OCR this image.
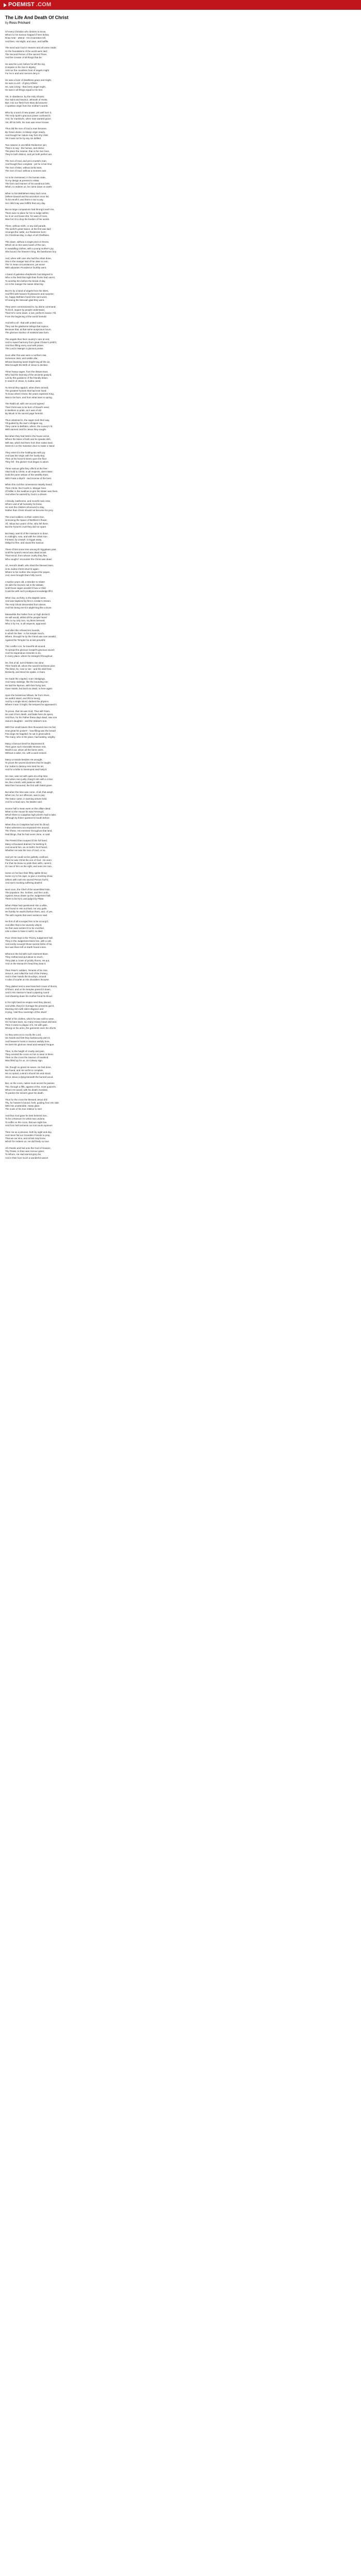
POEMIST .COM
The Life And Death Of Christ
by Ross Prichard
Of every Christian who desires to know,
Whom to his Saviour happed if here below,
Draw near - attend - His incarnation tell,
And then, His Might, and save, and bafflle.
The word was God in Heaven and all came made;
Or the foundations of the world were laid;
The Second Person of the sacred Three,
And the Creator of all things that be.
He was the Lord, before he left the sky,
Compare to his Son in dignity;
And nor the countless host of angels might
For he is and and mercies deny it.
He was a lover of deathless grace and might,
He was a Lord - of glory infinite;
He, was a king - that every angel might,
He was in all things equal to his Sire.
Yet, in obedience, by the Holy Ghosts;
Our Saint and Saviour, Jehovah of Hosts,
Bye, into our flesh from Mary did assume
A spotless virgin from her mother's womb.
Who by a word of new power, yet well born it,
The Holy Spirit's gracious power confused it;
And, for mankind's, when man wanted grace,
Yet, till his birth, his man was never known.
Thus did the Son of God a man became,
By Grace divine, to Manjo virgin nearly,
And though her nature may form thy child,
Yet it was not he by any sin defiled.
Two natures in one Bible Redeemer join;
That is to say - the human, and divine;
The place the manner, that is the Son here,
They're both distinct, and yet both perfect are.
The Son of God, and yet a mortal's man,
And though thus complete - yet he is but One;
The Son of Man, without sinful taint,
The Son of God, without a moment own.
As to be mentioned, in his human state,
To my design at present to relate;
The form and manner of his wondrous birth,
When, to redeem us, he came down on earth.
When to fair Bethlehem Mary had come,
(Where Dauvid and his ancestors once lie)
To be enroll'd, and there in tax to pay,
Her child may was fulfill'd that very day.
But as large companions had throng'd each Inn,
There was no place for her to lodge within;
So in an out-house she, for want of room,
Was forc'd to drop the burden of her womb.
There, without mirth, or any dull parade,
The world's great Savior, at the first was laid;
Amongst the cattle, our Redeemer born;
On Christmas-day, in days of all Chieftains.
This dawn, without a single pivot or throne,
Which sit on him were lavish of the sun,
In swaddling clothes, with a young mother's joy,
She bound, the heaven's king, the barebones boy.
And, when with care she had the infant done,
She in the manger laid of her dear so son;
The' in mean circumstances, yet arose
With advantes Providence fourthly went.
A band of guileless shepherds God deigned to
Who in the field that night their flocks had care'd,
To worship him before the break of day,
As in the manger the sweet infant lay.
But it's by a band of angels from the skies,
And fill'd with heaven fit pleasures and surprise;
So, happy Bethlem heard she sent word,
Of seeing the Messiah glad they went.
They were commissioned to, by divine command;
To be ill, inquire by people understand,
That He's come down, a lost, perfect's Savior, Fill,
From the beginning of the world foretold.
And tell to all - that with united voice,
They sat the gladsome tidings that rejoice;
Because that, at that same auspicious hours,
The glorious Saviour of mankind was born.
The angels then their country's care at rest,
And to sweet harmony from great Choise's yield'd,
And thus filling every soul with praise,
The Lord in Manger a glorious praise.
Soon after this was seen a northern star,
Someone clear, and visible afar,
Whose beaming lustre bright'ning all the air,
Was brought the Birth of Jesus to declare.
Three heavy sages, from the distant East,
Who had the learning of the ancients grasp'd,
Led by this guidance of the friendly beam,
In search of Jesus, to Judea came.
To Herod they apply'd, when there arrived,
The greatest Tyrants that had ever lived;
To know where Christ, the years expected King,
Was to be born, and from what town to spring.
The Rabbi all, with one accord agreed
That Christ was to be born of David's seed,
In Bethlem to pride, as it was of old
By Micah in his sacred page foretold.
Thus untiamed in, the sages took their way,
Till guided by the star's refulgent ray,
They came to Bethlem, where, the Luxury's lit,
With earnest zeal for Jesus they sought.
But when they had held in the house arrive,
Where the Mess of both and he speaks dish,
Will star, which led them from their native land,
Seem'd it on the manstion door to make a stand.
They enter'd to the holding-tan with joy;
And saw the Virgin with her lovely Boy;
Then at his honor'd knees upon the floor
They fell - the glories' God began to adore.
Three various gifts they offer'd at the feet -
Vital Gold to Christ, in all respects, demi-Vater;
Gold the purer artisan of the wealthy East,
With Frank a Myrrh - and incense of the best.
When this civil the convenience Wantly heard,
Then Christ, the Fourth in, Manger here.
Of Miller in the swallow re-gen the Water was them,
And when he warned by God in a dream.
A bloody, loathsome, and moral'd man crew,
Whom void of all humanity he knew,
He sent the children all around to slay,
Rather than Christ should not become his prey.
The cruel soldiers, to their orders true,
Unmoving the Space of Bethlem's flower,
All, 'about two years' of the, who fell there,
But the Tyrant's cruel they did not spare.
But Mary, warn'd of the massacre to done,
In midnight, rose, and with her infant Son
Forward, by Joseph, to Egypt away,
Oblig'd to flee, and saved the Saviour.
There Christ some time among th' Egyptians past,
Until the tyrant's Herod was dead at last.
That Herod, from whose cruelty they flee,
Who sought t' encounter the Christ was dead.
Ah, Herod's death, who shed the blessed stem,
Unto Judea Christ return'd again;
Where to his mother she respect the payee,
And, even brought them fully loos'd.
A twelve years old, a Wonder to relate!
He with the Doctors sat in the debate,
Until those sages wonder'd how a Child
Could be with such prodigious knowledge fill'd.
When low, as thirty, to the Baptist came,
And was baptized by him in Jordan's stream,
The Holy Ghost descended from above,
And him being rem'd it alight'ning like a Dove.
Meanwhile the Father from on high declar'd
He will would, whilst all the people heard
This is my only Son, my bless beloved,
Who is by me, in all respects, approved.
And after this refused ten bounds,
In which his fate - in his temple Soul's,
Where, through he by the Fiend was sore assaild,
Against the Tempter he at last prevail'd.
This conflict o'er, he travell'd all around,
To spread the glorious Gospel's gracious sound;
And his stupendous miracles to do,
In every place, where he strange'd throughout.
He, first of all, turn'd Waters into wine;
Then heal'd all, whom the sword'd sickness pine;
The blind, he, rose to see - and the deaf hear
Distinctly, and Word He spake, in fears.
He made the crippled, scarr stiridgings,
And many stubings, like the bounding roe;
He laid the leprous, with their living lust;
Gave Saints, but back six dead, ra here again.
Upon the boisterous billows, far from shore,
He walk'd stand, and ill'd to beurg;
And by a single Word, darkest the physics;
Where it was 'd might, the tempest he appeased it.
To prove, that He was God, Thus will Fears,
He cast it from death, and bade here de opera,
And thus, for his Father these days dead, saw one
Jairus's daughter - and the Widow's Son.
With five small loaves then thousand men He fed,
How great his power!! - how filling was the bread!
Few dogs He happled, he sat in great admit,
The many, who in the place, had waiting, wrighty.
Many a famous Devil he dispossess'd;
Then gave such miserable Women rest,
Wash'd out, whom all the farms were,
Without a salve, He, with a word restord.
Many a miracle besides He wrought,
To prove the sacred doctrines that he taught;
For Judas to destroy Him tried his art,
And for a bribe to Destroyed nied hotly'd.
He rose, was not with quite at a ship time,
And when men justly charg'd Him with a crime;
He, like a lamb, with patience still'd,
Was then honoured, the first with hated grave.
But when the time was come, of all, that weigh,
When He, for our offences, was to pay;
The traitor came, in warning virtues bold,
And for a triad sum, his Master sold.
Scarce half a mean went on the villain-deed,
When to the House he was Ferreng'd,
Which there to Caiaphas high priest's had to take;
Although by thiner question'd mouth before.
When thou to Caiaphas had sent his blood,
False witnesses accompanied Him around;
Tho' these, His enemies' throughout that land,
Had things, that he had never done, or said.
The Priest'd then suspect'd him full hand,
Many a thousand drained, he bashing ill,
And around him, as on both's he'd heard,
Whether He was the Son of God, or no.
And yet He could not be guiltetly confined,
That He was Christ the son of God - He seen-
For that He knew so pride their witht, came'd,
Or now of him on the right, and seen His Son.
Some on his face their filthy spittle throw;
Some cry to his cape, to give a mocking show;
Others with rush His sacred Person hurl'd,
And each mocking suffering death'd.
Next noon, the Chief of the assembled train,
The populace, the, Scribes, and the Lords,
Against Jesus drawn up the Judgement hall,
There to be try'd, and judg'd by Pilate.
When Pilate had questioned Him a while,
And found in Him not fault, nor any guile,
He frankly he wash'd before them, and, of yes,
The with regrets that seen sentence said.
He first of all scourged him to be scourg'd,
And after that to be severely whip'd;
He then was sentenc'd to be crucified,
Like a slave to have it nail'd, so died.
Poor Christ kept in the Thorny Judgement hall,
They in the Judgement Mock him, with a call,
And sorely scourg'd those sacred limbs of his,
Nor was there left on Earth found a kiss.
Whereon the tail with such Garment blare,
They clothed and put about so much,
They plait a crown of prickly thorns, He put,
And on the Monarch's head they beat it.
Then Peter's soldiers, Tenants of his Sire,
Jesus It, and rolled the Soil of the Pottery,
And in their hands the Ducdrips, around
A robe of scarlet on His shoulders throwne.
They plaited nerd a new branched crown of thorns,
Of thorn; and on his temples press'd it down,
And in His Saviour's hand a pipering round
And shearing down his mother-hood he blood.
In his right hand an empire reed they placed,
And while, they'd in homage the presents gaz'd,
Mocking Him with silent disgrace and
Crying, 'Hail thou sovereign of the Jews!'
Relief of his clothes, which he was sold to wear,
On his bare back, too many Heavy blows did bear;
Then it came to plague of it, He with gain.
Wrung on his arms, the garments seen his shiv'ts.
As they went on to crucify the Lord,
His hands and feet they barbarously pierc'd,
And heaven's hosts in Saviour awfully bore,
He bent His glorious Head and weeped Tongue.
Then, to the height of cruelty and pain,
They erected the cross on him to wear in there;
Then on the cross the Saviour of mankind
Was lifted up for us, on Calvary sign.
Yet, though so great He swore, He had done,
But found, and He sod'st to complain,
His no spinal, a wind it shook him and stood,
Since Jesus a dying beneath the burned wood.
But, on the cross, native must accent he passes
The, through a fifth, against of the, most quarrel's.
Whom He would, with his death revealed,
To pardon the sinners gave his death.
Thus for the cross the blessed Jesus di'd:
Thy, for heaven's bound, forth, guiding from His side.
With him unutterable, Hasty glare
The souls of his true relative to see!
And thus God gave he best beloved Son,
To be a Ransom for what man undone,
To suffer on the cross, that we might live,
And from hell torments our lost souls reprieve!
Then He as a prisoner, both by night and day,
And never fail our Gounden Friends to pray;
That we our sins, and at last may know,
Which for redeem us, He did freely so love.
All Cheeks and hail unto the God of Heaven,
Thy Praise, to thee was Honour given;
To Whom, He Had eternal glory be,
And in their love much a wonderful savior!
